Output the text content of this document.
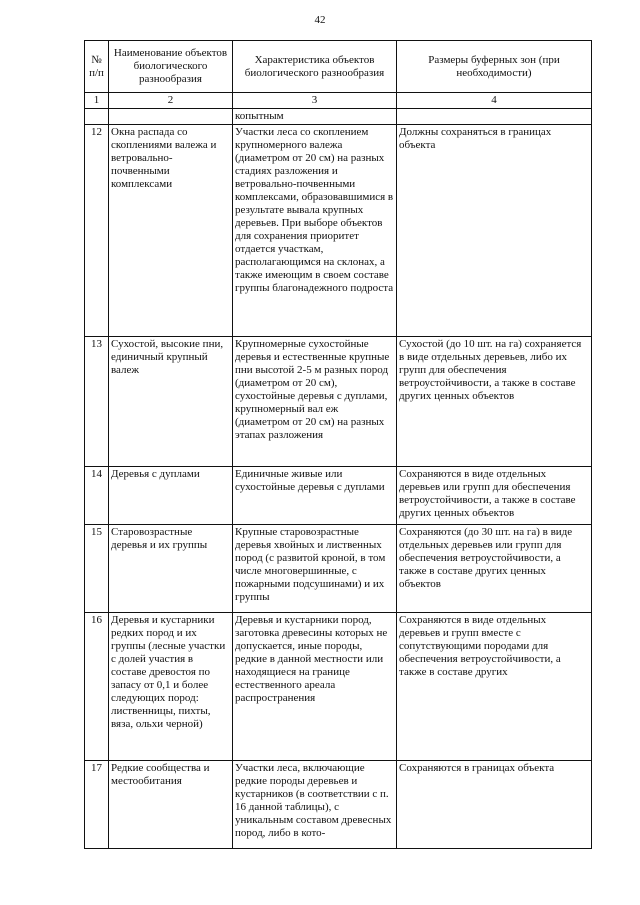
42
№ п/п	Наименование объектов биологического разнообразия	Характеристика объектов биологического разнообразия	Размеры буферных зон (при необходимости)
1	2	3	4
		копытным	
12	Окна распада со скоплениями валежа и ветровально-почвенными комплексами	Участки леса со скоплением крупномерного валежа (диаметром от 20 см) на разных стадиях разложения и ветровально-почвенными комплексами, образовавшимися в результате вывала крупных деревьев. При выборе объектов для сохранения приоритет отдается участкам, располагающимся на склонах, а также имеющим в своем составе группы благонадежного подроста	Должны сохраняться в границах объекта
13	Сухостой, высокие пни, единичный крупный валеж	Крупномерные сухостойные деревья и естественные крупные пни высотой 2-5 м разных пород (диаметром от 20 см), сухостойные деревья с дуплами, крупномерный вал еж (диаметром от 20 см) на разных этапах разложения	Сухостой (до 10 шт. на га) сохраняется в виде отдельных деревьев, либо их групп для обеспечения ветроустойчивости, а также в составе других ценных объектов
14	Деревья с дуплами	Единичные живые или сухостойные деревья с дуплами	Сохраняются в виде отдельных деревьев или групп для обеспечения ветроустойчивости, а также в составе других ценных объектов
15	Старовозрастные деревья и их группы	Крупные старовозрастные деревья хвойных и лиственных пород (с развитой кроной, в том числе многовершинные, с пожарными подсушинами) и их группы	Сохраняются (до 30 шт. на га) в виде отдельных деревьев или групп для обеспечения ветроустойчивости, а также в составе других ценных объектов
16	Деревья и кустарники редких пород и их группы (лесные участки с долей участия в составе древостоя по запасу от 0,1 и более следующих пород: лиственницы, пихты, вяза, ольхи черной)	Деревья и кустарники пород, заготовка древесины которых не допускается, иные породы, редкие в данной местности или находящиеся на границе естественного ареала распространения	Сохраняются в виде отдельных деревьев и групп вместе с сопутствующими породами для обеспечения ветроустойчивости, а также в составе других
17	Редкие сообщества и местообитания	Участки леса, включающие редкие породы деревьев и кустарников (в соответствии с п. 16 данной таблицы), с уникальным составом древесных пород, либо в кото-	Сохраняются в границах объекта
